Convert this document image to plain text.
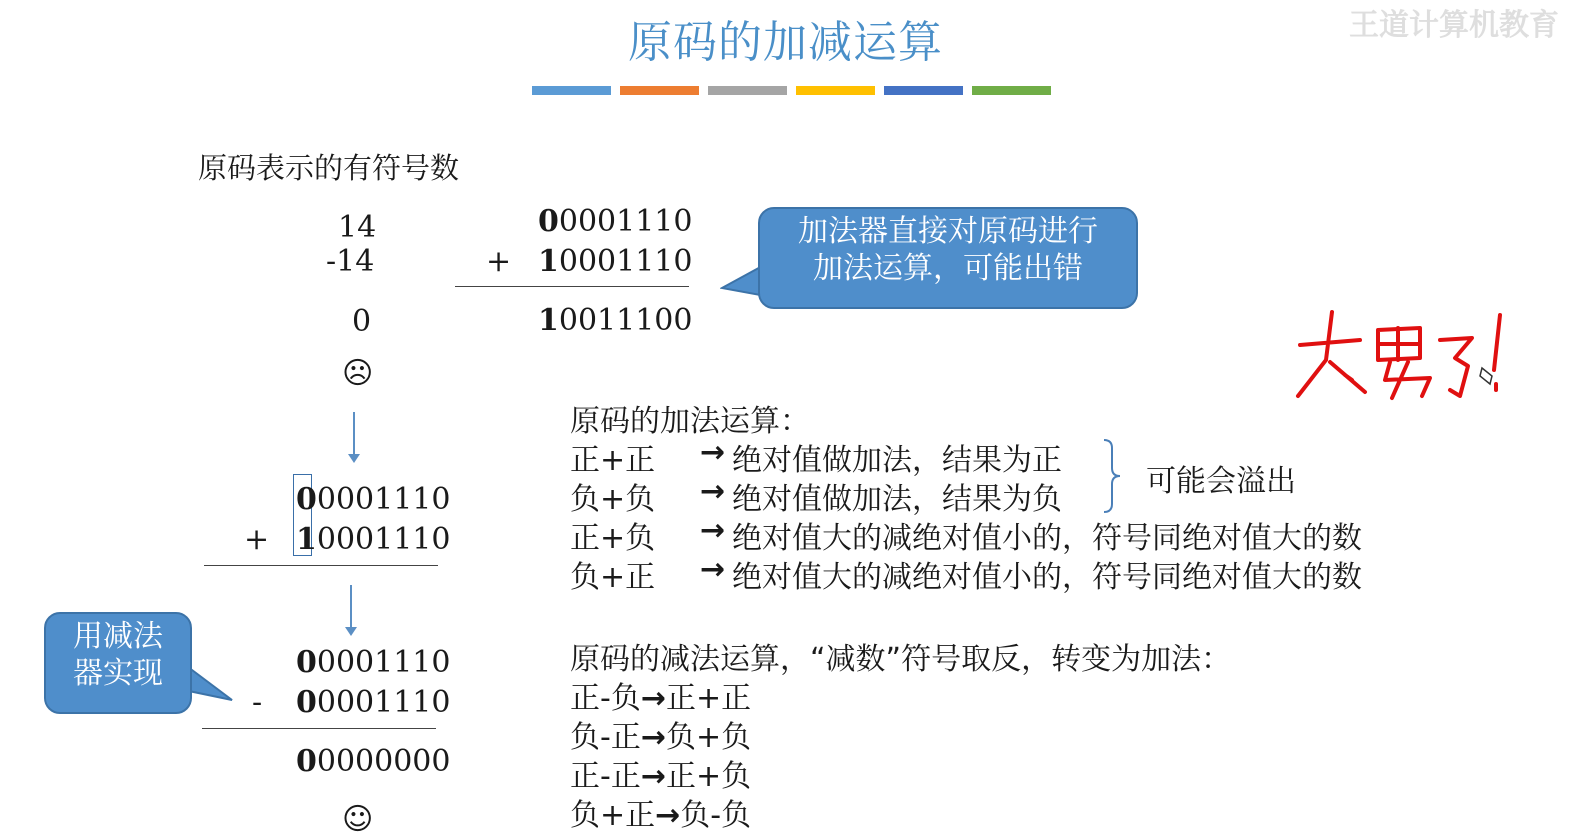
原码的加减运算	王道计算机教育
原码表示的有符号数
14
-14
0
☹
00001110
+ 10001110
10011100
加法器直接对原码进行
加法运算，可能出错
00001110
+ 10001110
00001110
- 00001110
00000000
☺
用减法
器实现
原码的加法运算：
正+正 → 绝对值做加法，结果为正
负+负 → 绝对值做加法，结果为负
正+负 → 绝对值大的减绝对值小的，符号同绝对值大的数
负+正 → 绝对值大的减绝对值小的，符号同绝对值大的数
可能会溢出
原码的减法运算，“减数”符号取反，转变为加法：
正-负→正+正
负-正→负+负
正-正→正+负
负+正→负-负
